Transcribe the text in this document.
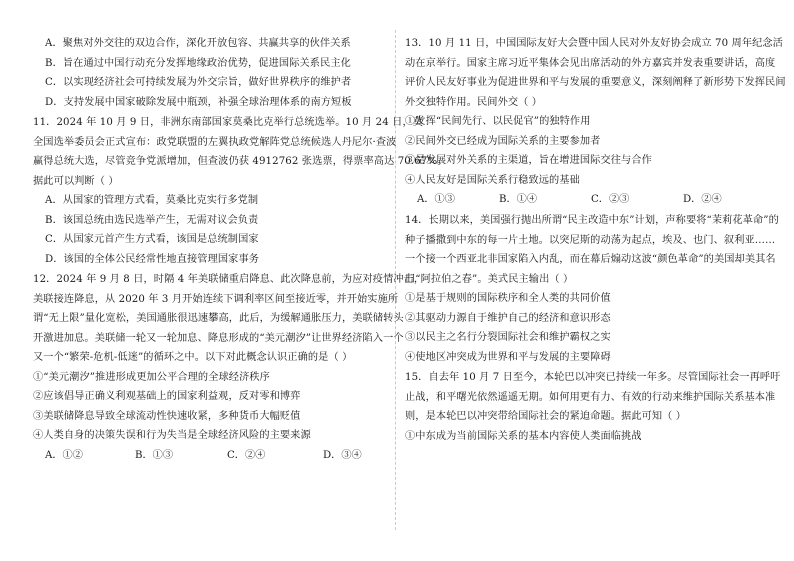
A．聚焦对外交往的双边合作，深化开放包容、共赢共享的伙伴关系
B．旨在通过中国行动充分发挥地缘政治优势，促进国际关系民主化
C．以实现经济社会可持续发展为外交宗旨，做好世界秩序的维护者
D．支持发展中国家破除发展中瓶颈，补强全球治理体系的南方短板
11．2024 年 10 月 9 日，非洲东南部国家莫桑比克举行总统选举。10 月 24 日，莫
全国选举委员会正式宣布：政党联盟的左翼执政党解阵党总统候选人丹尼尔·查波
赢得总统大选，尽管竞争党派增加，但查波仍获 4912762 张选票，得票率高达 70.67%。
据此可以判断（ ）
A．从国家的管理方式看，莫桑比克实行多党制
B．该国总统由选民选举产生，无需对议会负责
C．从国家元首产生方式看，该国是总统制国家
D．该国的全体公民经常性地直接管理国家事务
12．2024 年 9 月 8 日，时隔 4 年美联储重启降息、此次降息前，为应对疫情冲击，
美联接连降息，从 2020 年 3 月开始连续下调利率区间至接近零，并开始实施所
谓“无上限”量化宽松，美国通胀很迅速攀高，此后，为缓解通胀压力，美联储转头
开激进加息。美联储一轮又一轮加息、降息形成的“美元潮汐”让世界经济陷入一个
又一个“繁荣-危机-低迷”的循环之中。以下对此概念认识正确的是（ ）
①“美元潮汐”推进形成更加公平合理的全球经济秩序
②应该倡导正确义利观基础上的国家利益观，反对零和博弈
③美联储降息导致全球流动性快速收紧，多种货币大幅贬值
④人类自身的决策失误和行为失当是全球经济风险的主要来源
A．①②	B．①③	C．②④	D．③④
13．10 月 11 日，中国国际友好大会暨中国人民对外友好协会成立 70 周年纪念活
动在京举行。国家主席习近平集体会见出席活动的外方嘉宾并发表重要讲话，高度
评价人民友好事业为促进世界和平与发展的重要意义，深刻阐释了新形势下发挥民间
外交独特作用。民间外交（ ）
①发挥“民间先行、以民促官”的独特作用
②民间外交已经成为国际关系的主要参加者
③是发展对外关系的主渠道，旨在增进国际交往与合作
④人民友好是国际关系行稳致远的基础
A．①③	B．①④	C．②③	D．②④
14．长期以来，美国强行抛出所谓“民主改造中东”计划，声称要将“茉莉花革命”的
种子播撒到中东的每一片土地。以突尼斯的动荡为起点，埃及、也门、叙利亚……
一个接一个西亚北非国家陷入内乱，而在幕后煽动这波“颜色革命”的美国却美其名
曰“阿拉伯之春”。美式民主输出（ ）
①是基于规则的国际秩序和全人类的共同价值
②其驱动力源自于维护自己的经济和意识形态
③以民主之名行分裂国际社会和维护霸权之实
④使地区冲突成为世界和平与发展的主要障碍
15．自去年 10 月 7 日至今，本轮巴以冲突已持续一年多。尽管国际社会一再呼吁
止战，和平曙光依然遥遥无期。如何用更有力、有效的行动来维护国际关系基本准
则，是本轮巴以冲突带给国际社会的紧迫命题。据此可知（ ）
①中东成为当前国际关系的基本内容使人类面临挑战
